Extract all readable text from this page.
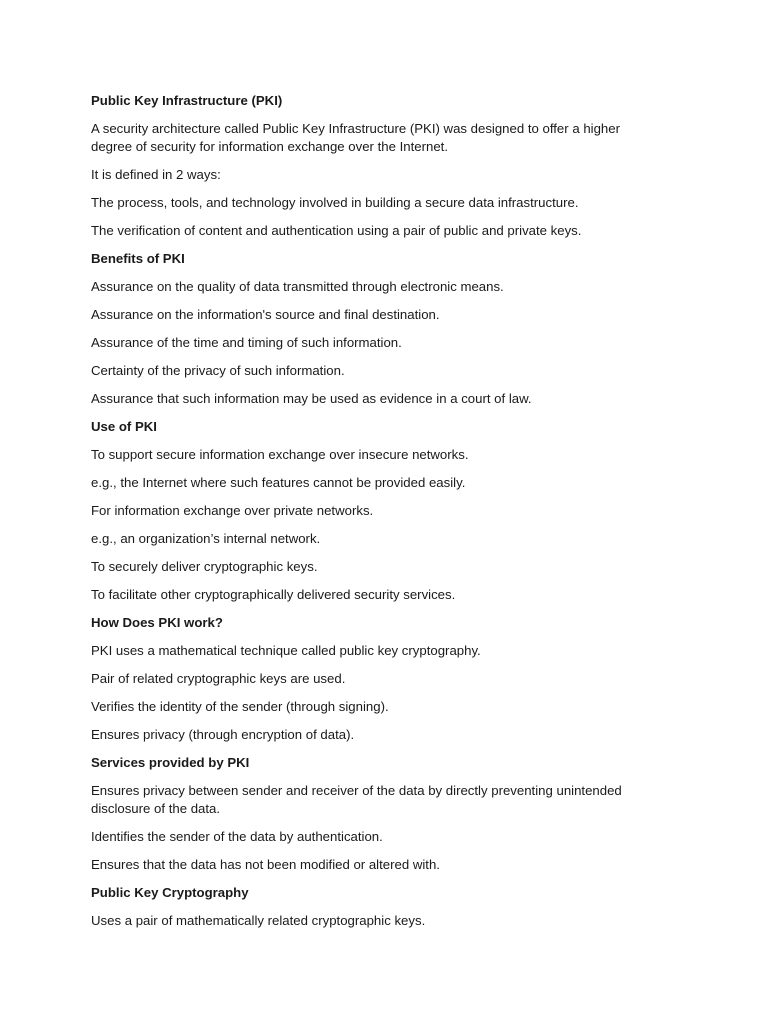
Public Key Infrastructure (PKI)
A security architecture called Public Key Infrastructure (PKI) was designed to offer a higher
degree of security for information exchange over the Internet.
It is defined in 2 ways:
The process, tools, and technology involved in building a secure data infrastructure.
The verification of content and authentication using a pair of public and private keys.
Benefits of PKI
Assurance on the quality of data transmitted through electronic means.
Assurance on the information's source and final destination.
Assurance of the time and timing of such information.
Certainty of the privacy of such information.
Assurance that such information may be used as evidence in a court of law.
Use of PKI
To support secure information exchange over insecure networks.
e.g., the Internet where such features cannot be provided easily.
For information exchange over private networks.
e.g., an organization’s internal network.
To securely deliver cryptographic keys.
To facilitate other cryptographically delivered security services.
How Does PKI work?
PKI uses a mathematical technique called public key cryptography.
Pair of related cryptographic keys are used.
Verifies the identity of the sender (through signing).
Ensures privacy (through encryption of data).
Services provided by PKI
Ensures privacy between sender and receiver of the data by directly preventing unintended
disclosure of the data.
Identifies the sender of the data by authentication.
Ensures that the data has not been modified or altered with.
Public Key Cryptography
Uses a pair of mathematically related cryptographic keys.
